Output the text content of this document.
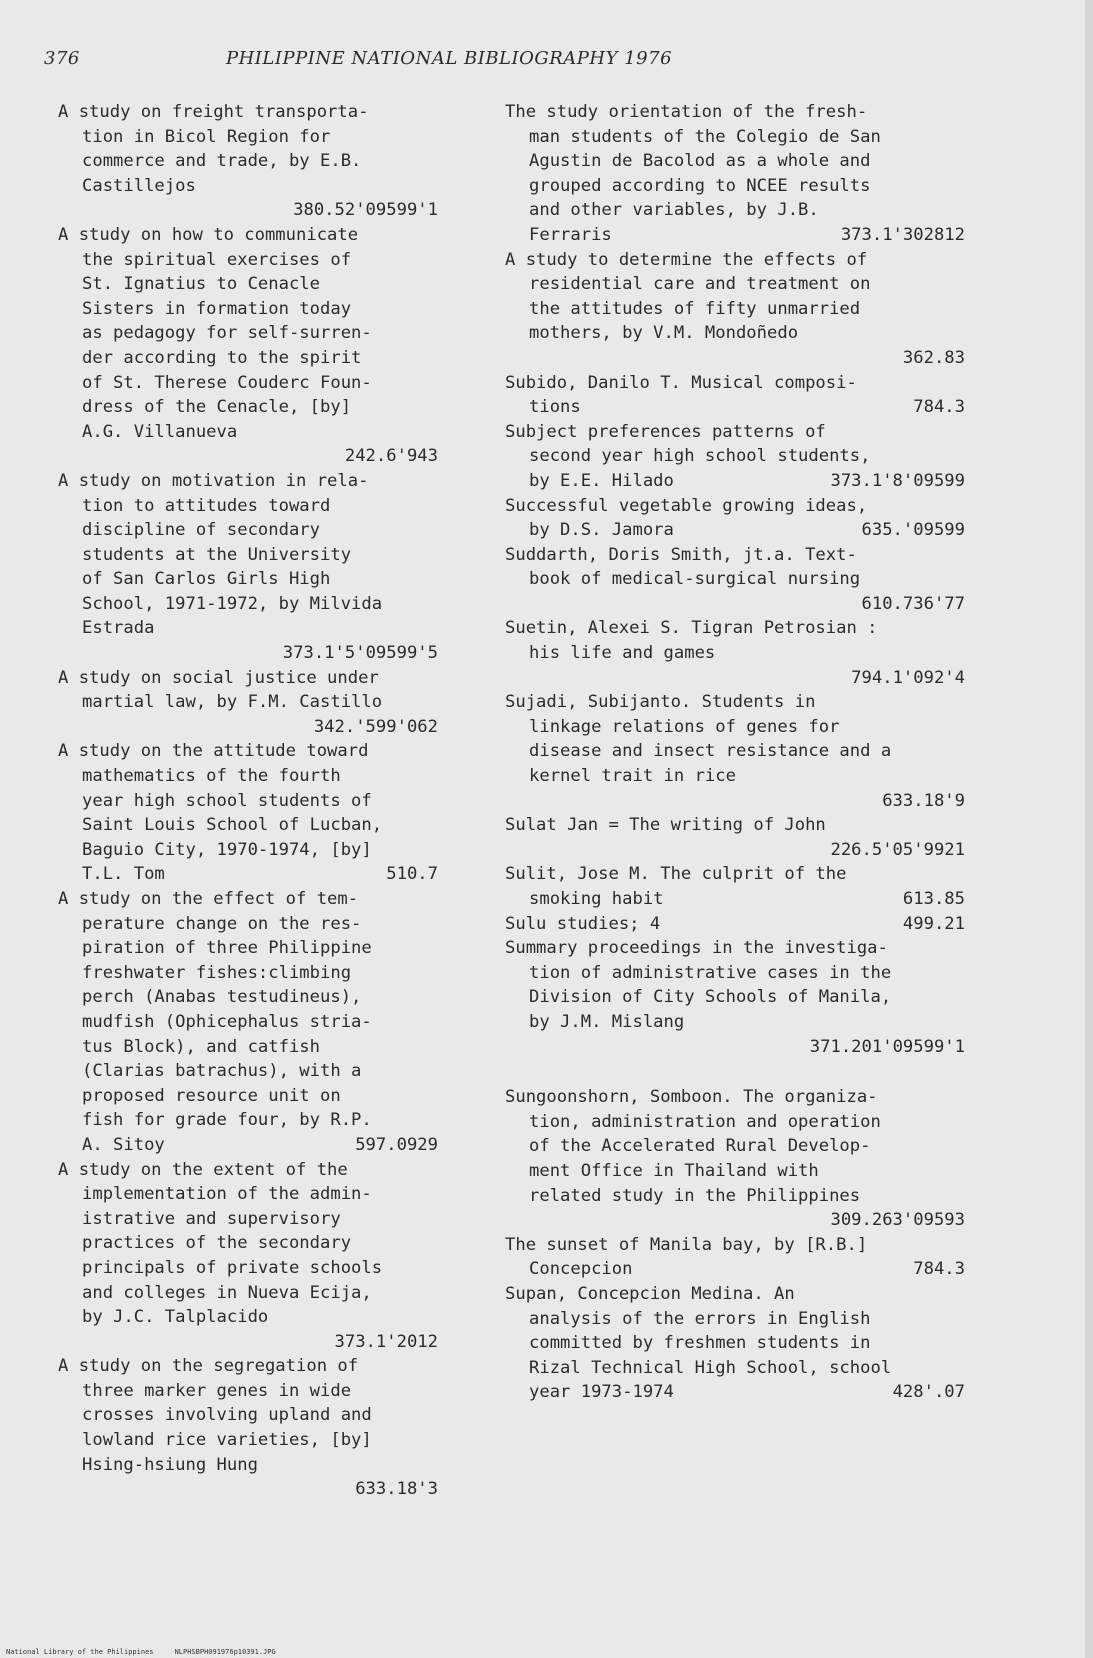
376	PHILIPPINE NATIONAL BIBLIOGRAPHY 1976
A study on freight transporta-
tion in Bicol Region for
commerce and trade, by E.B.
Castillejos
380.52'09599'1
A study on how to communicate
the spiritual exercises of
St. Ignatius to Cenacle
Sisters in formation today
as pedagogy for self-surren-
der according to the spirit
of St. Therese Couderc Foun-
dress of the Cenacle, [by]
A.G. Villanueva
242.6'943
A study on motivation in rela-
tion to attitudes toward
discipline of secondary
students at the University
of San Carlos Girls High
School, 1971-1972, by Milvida
Estrada
373.1'5'09599'5
A study on social justice under
martial law, by F.M. Castillo
342.'599'062
A study on the attitude toward
mathematics of the fourth
year high school students of
Saint Louis School of Lucban,
Baguio City, 1970-1974, [by]
T.L. Tom	510.7
A study on the effect of tem-
perature change on the res-
piration of three Philippine
freshwater fishes:climbing
perch (Anabas testudineus),
mudfish (Ophicephalus stria-
tus Block), and catfish
(Clarias batrachus), with a
proposed resource unit on
fish for grade four, by R.P.
A. Sitoy	597.0929
A study on the extent of the
implementation of the admin-
istrative and supervisory
practices of the secondary
principals of private schools
and colleges in Nueva Ecija,
by J.C. Talplacido
373.1'2012
A study on the segregation of
three marker genes in wide
crosses involving upland and
lowland rice varieties, [by]
Hsing-hsiung Hung
633.18'3
The study orientation of the fresh-
man students of the Colegio de San
Agustin de Bacolod as a whole and
grouped according to NCEE results
and other variables, by J.B.
Ferraris	373.1'302812
A study to determine the effects of
residential care and treatment on
the attitudes of fifty unmarried
mothers, by V.M. Mondoñedo
362.83
Subido, Danilo T. Musical composi-
tions	784.3
Subject preferences patterns of
second year high school students,
by E.E. Hilado	373.1'8'09599
Successful vegetable growing ideas,
by D.S. Jamora	635.'09599
Suddarth, Doris Smith, jt.a. Text-
book of medical-surgical nursing
610.736'77
Suetin, Alexei S. Tigran Petrosian :
his life and games
794.1'092'4
Sujadi, Subijanto. Students in
linkage relations of genes for
disease and insect resistance and a
kernel trait in rice
633.18'9
Sulat Jan = The writing of John
226.5'05'9921
Sulit, Jose M. The culprit of the
smoking habit	613.85
Sulu studies; 4	499.21
Summary proceedings in the investiga-
tion of administrative cases in the
Division of City Schools of Manila,
by J.M. Mislang
371.201'09599'1
Sungoonshorn, Somboon. The organiza-
tion, administration and operation
of the Accelerated Rural Develop-
ment Office in Thailand with
related study in the Philippines
309.263'09593
The sunset of Manila bay, by [R.B.]
Concepcion	784.3
Supan, Concepcion Medina. An
analysis of the errors in English
committed by freshmen students in
Rizal Technical High School, school
year 1973-1974	428'.07
National Library of the Philippines     NLPHSBPH091976p10391.JPG
